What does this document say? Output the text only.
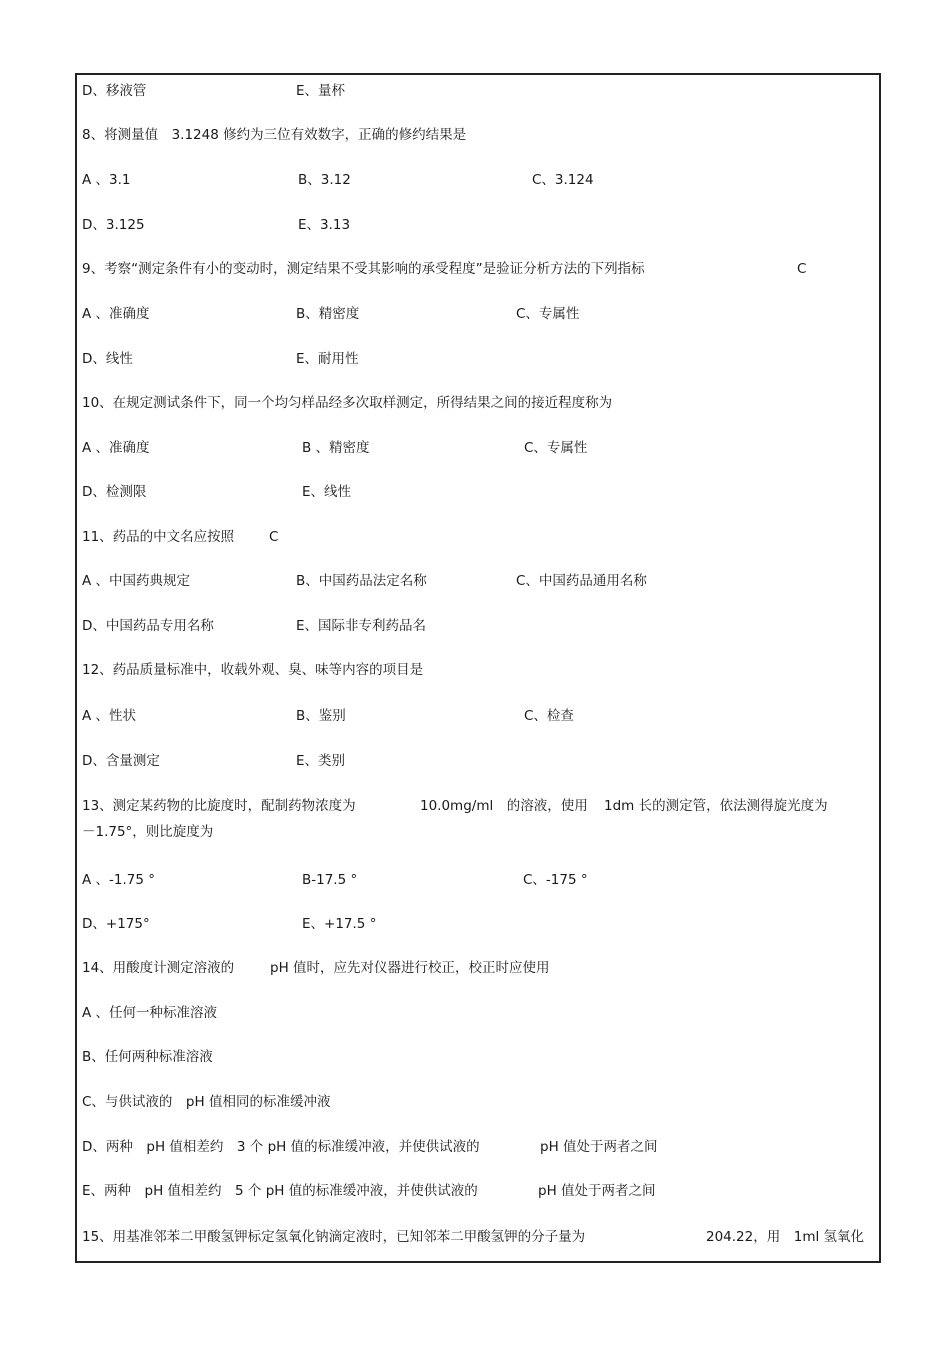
D、移液管	E、量杯
8、将测量值　3.1248 修约为三位有效数字，正确的修约结果是
A 、3.1	B、3.12	C、3.124
D、3.125	E、3.13
9、考察“测定条件有小的变动时，测定结果不受其影响的承受程度”是验证分析方法的下列指标	C
A 、准确度	B、精密度	C、专属性
D、线性	E、耐用性
10、在规定测试条件下，同一个均匀样品经多次取样测定，所得结果之间的接近程度称为
A 、准确度	B 、精密度	C、专属性
D、检测限	E、线性
11、药品的中文名应按照	C
A 、中国药典规定	B、中国药品法定名称	C、中国药品通用名称
D、中国药品专用名称	E、国际非专利药品名
12、药品质量标准中，收载外观、臭、味等内容的项目是
A 、性状	B、鉴别	C、检查
D、含量测定	E、类别
13、测定某药物的比旋度时，配制药物浓度为	10.0mg/ml　的溶液，使用 1dm 长的测定管，依法测得旋光度为
－1.75°，则比旋度为
A 、-1.75 °	B-17.5 °	C、-175 °
D、+175°	E、+17.5 °
14、用酸度计测定溶液的	pH 值时，应先对仪器进行校正，校正时应使用
A 、任何一种标准溶液
B、任何两种标准溶液
C、与供试液的　pH 值相同的标准缓冲液
D、两种　pH 值相差约　3 个 pH 值的标准缓冲液，并使供试液的	pH 值处于两者之间
E、两种　pH 值相差约　5 个 pH 值的标准缓冲液，并使供试液的	pH 值处于两者之间
15、用基准邻苯二甲酸氢钾标定氢氧化钠滴定液时，已知邻苯二甲酸氢钾的分子量为	204.22，用　1ml 氢氧化
